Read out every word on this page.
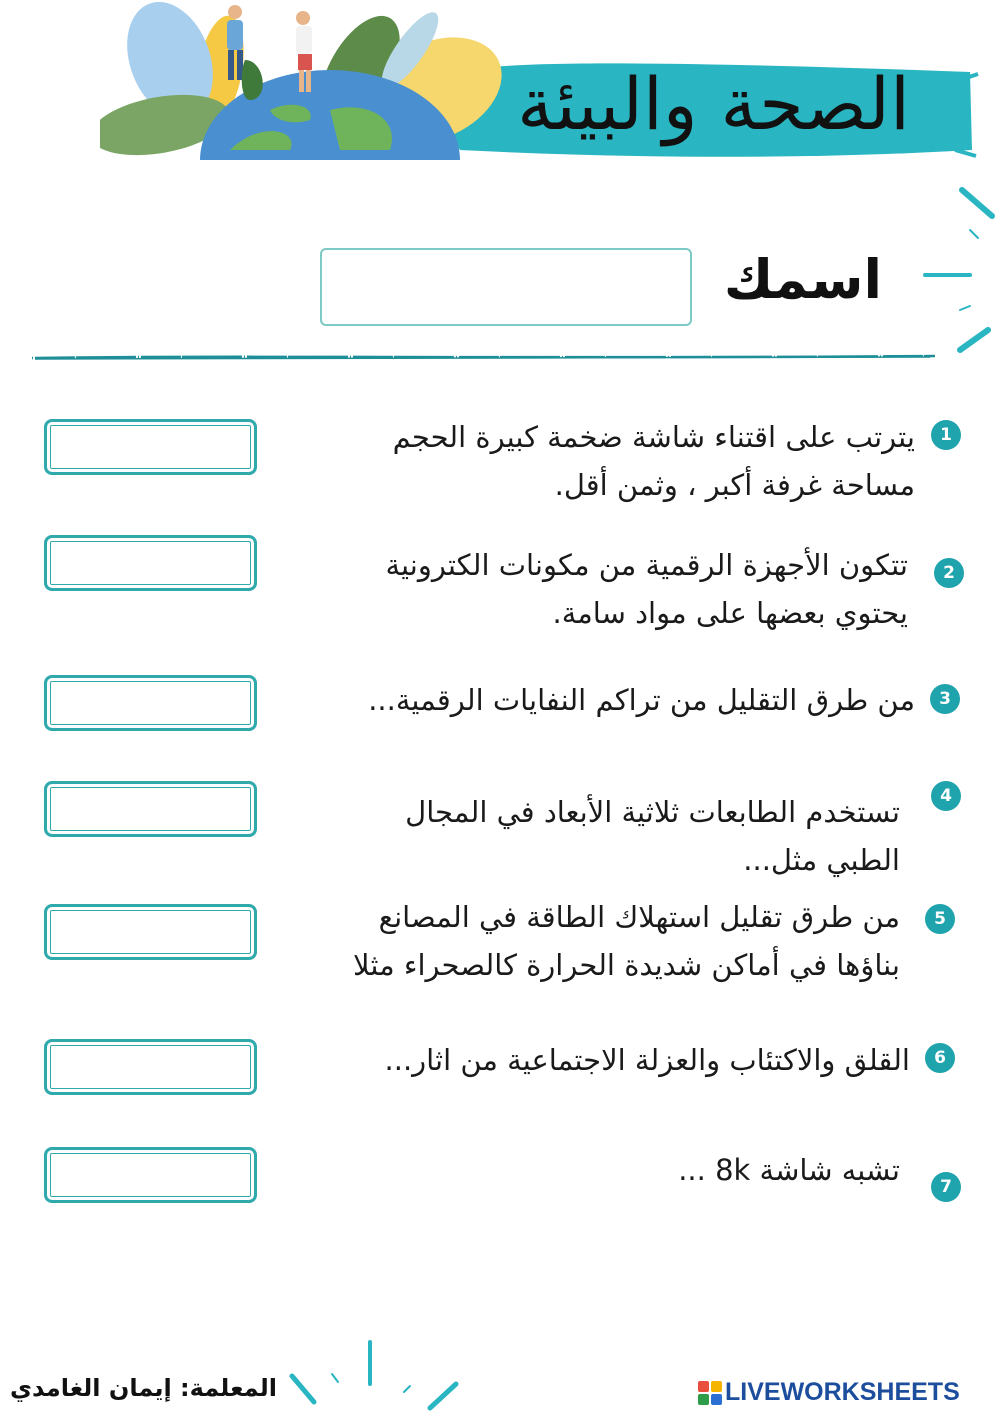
الصحة والبيئة
اسمك
يترتب على اقتناء شاشة ضخمة كبيرة الحجم
مساحة غرفة أكبر ، وثمن أقل.
1
تتكون الأجهزة الرقمية من مكونات الكترونية
يحتوي بعضها على مواد سامة.
2
من طرق التقليل من تراكم النفايات الرقمية...	3
تستخدم الطابعات ثلاثية الأبعاد في المجال
الطبي مثل...
4
من طرق تقليل استهلاك الطاقة في المصانع
بناؤها في أماكن شديدة الحرارة كالصحراء مثلا
5
القلق والاكتئاب والعزلة الاجتماعية من اثار...	6
تشبه شاشة 8k ...	7
المعلمة: إيمان الغامدي	LIVEWORKSHEETS
